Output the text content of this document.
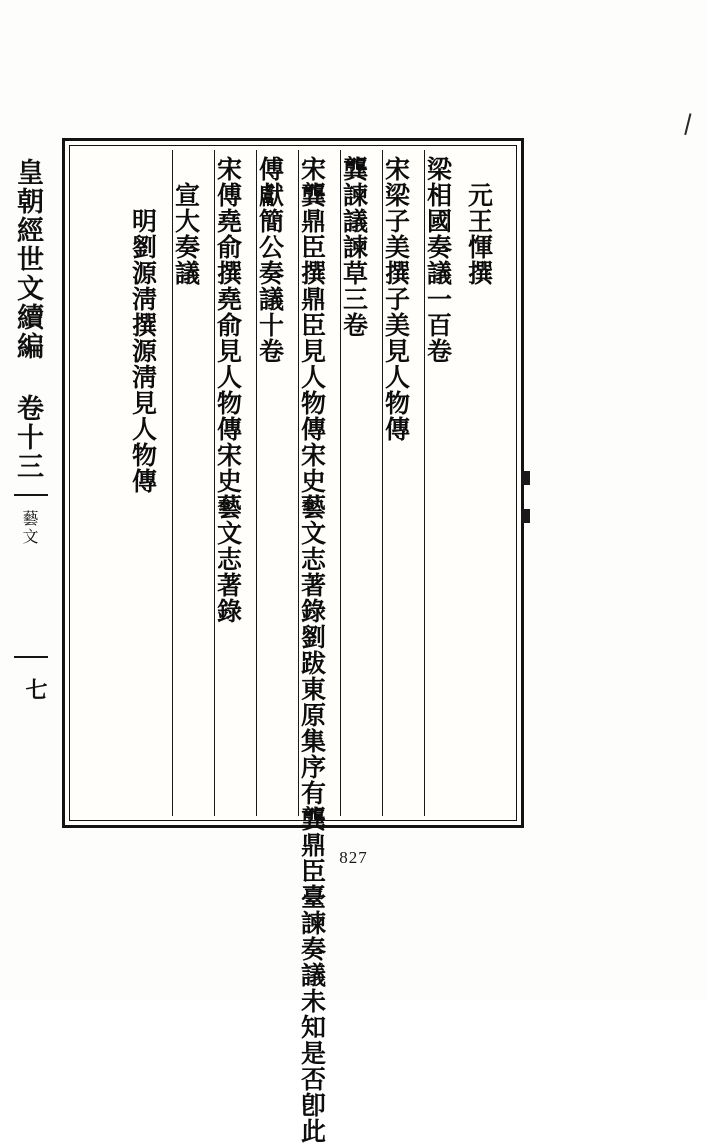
皇朝經世文續編 卷十三
藝文
七
元王惲撰
梁相國奏議一百卷
宋梁子美撰子美見人物傳
龔諫議諫草三卷
宋龔鼎臣撰鼎臣見人物傳宋史藝文志著錄劉跋東原集序有龔鼎臣臺諫奏議未知是否卽此
傅獻簡公奏議十卷
宋傅堯俞撰堯俞見人物傳宋史藝文志著錄
宣大奏議
明劉源淸撰源淸見人物傳
827
